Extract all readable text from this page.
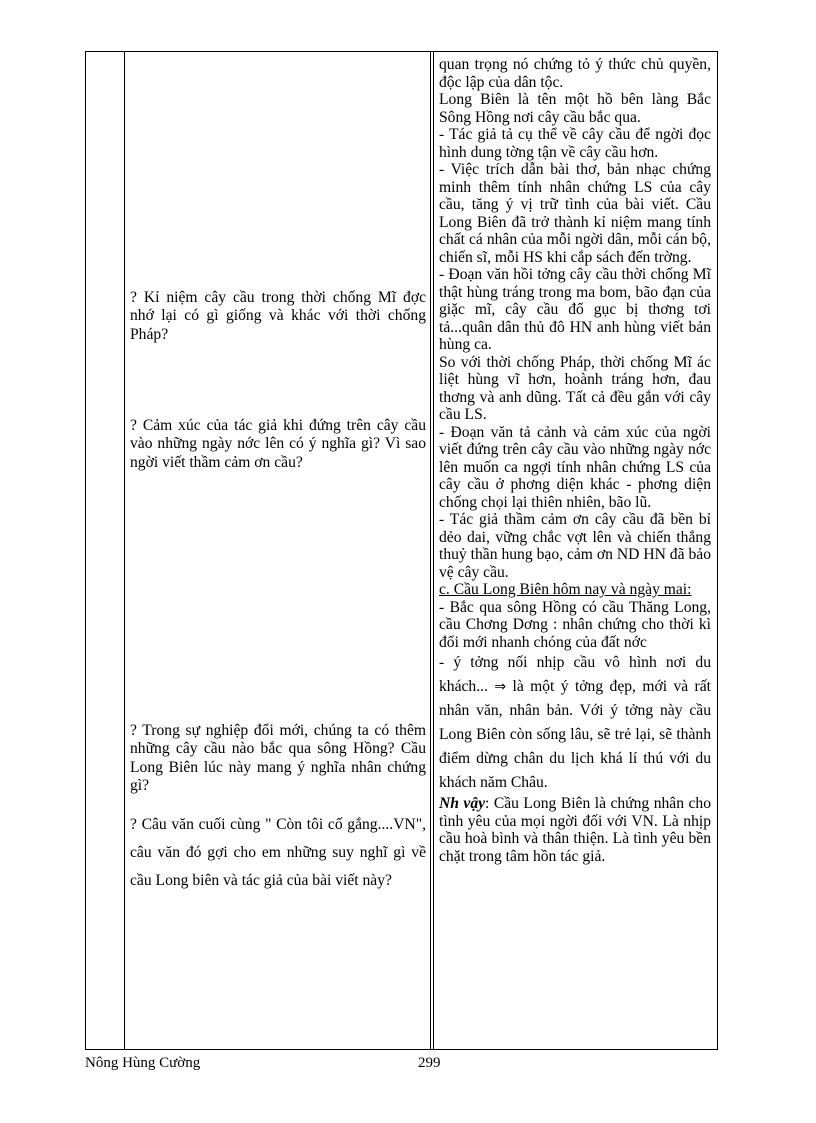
? Kỉ niệm cây cầu trong thời chống Mĩ đợc nhớ lại có gì giống và khác với thời chống Pháp?

? Cảm xúc của tác giả khi đứng trên cây cầu vào những ngày nớc lên có ý nghĩa gì? Vì sao ngời viết thầm cảm ơn cầu?

? Trong sự nghiệp đổi mới, chúng ta có thêm những cây cầu nào bắc qua sông Hồng? Cầu Long Biên lúc này mang ý nghĩa nhân chứng gì?

? Câu văn cuối cùng " Còn tôi cố gắng....VN", câu văn đó gợi cho em những suy nghĩ gì về cầu Long biên và tác giả của bài viết này?

quan trọng nó chứng tỏ ý thức chủ quyền, độc lập của dân tộc.

Long Biên là tên một hồ bên làng Bắc Sông Hồng nơi cây cầu bắc qua.

- Tác giả tả cụ thể về cây cầu để ngời đọc hình dung tờng tận về cây cầu hơn.

- Việc trích dẫn bài thơ, bản nhạc chứng minh thêm tính nhân chứng LS của cây cầu, tăng ý vị trữ tình của bài viết. Cầu Long Biên đã trở thành kỉ niệm mang tính chất cá nhân của mỗi ngời dân, mỗi cán bộ, chiến sĩ, mỗi HS khi cắp sách đến trờng.

- Đoạn văn hồi tởng cây cầu thời chống Mĩ thật hùng tráng trong ma bom, bão đạn của giặc mĩ, cây cầu đổ gục bị thơng tơi tả...quân dân thủ đô HN anh hùng viết bản hùng ca.

So với thời chống Pháp, thời chống Mĩ ác liệt hùng vĩ hơn, hoành tráng hơn, đau thơng và anh dũng. Tất cả đều gắn với cây cầu LS.

- Đoạn văn tả cảnh và cảm xúc của ngời viết đứng trên cây cầu vào những ngày nớc lên muốn ca ngợi tính nhân chứng LS của cây cầu ở phơng diện khác - phơng diện chống chọi lại thiên nhiên, bão lũ.

- Tác giả thầm cảm ơn cây cầu đã bền bỉ dẻo dai, vững chắc vợt lên và chiến thắng thuỷ thần hung bạo, cảm ơn ND HN đã bảo vệ cây cầu.

c. Cầu Long Biên hôm nay và ngày mai:

- Bắc qua sông Hồng có cầu Thăng Long, cầu Chơng Dơng : nhân chứng cho thời kì đổi mới nhanh chóng của đất nớc

- ý tởng nối nhịp cầu vô hình nơi du khách... ⇒ là một ý tởng đẹp, mới và rất nhân văn, nhân bản. Với ý tởng này cầu Long Biên còn sống lâu, sẽ trẻ lại, sẽ thành điểm dừng chân du lịch khá lí thú với du khách năm Châu.

Nh vậy: Cầu Long Biên là chứng nhân cho tình yêu của mọi ngời đối với VN. Là nhịp cầu hoà bình và thân thiện. Là tình yêu bền chặt trong tâm hồn tác giả.

Nông Hùng Cường	299
